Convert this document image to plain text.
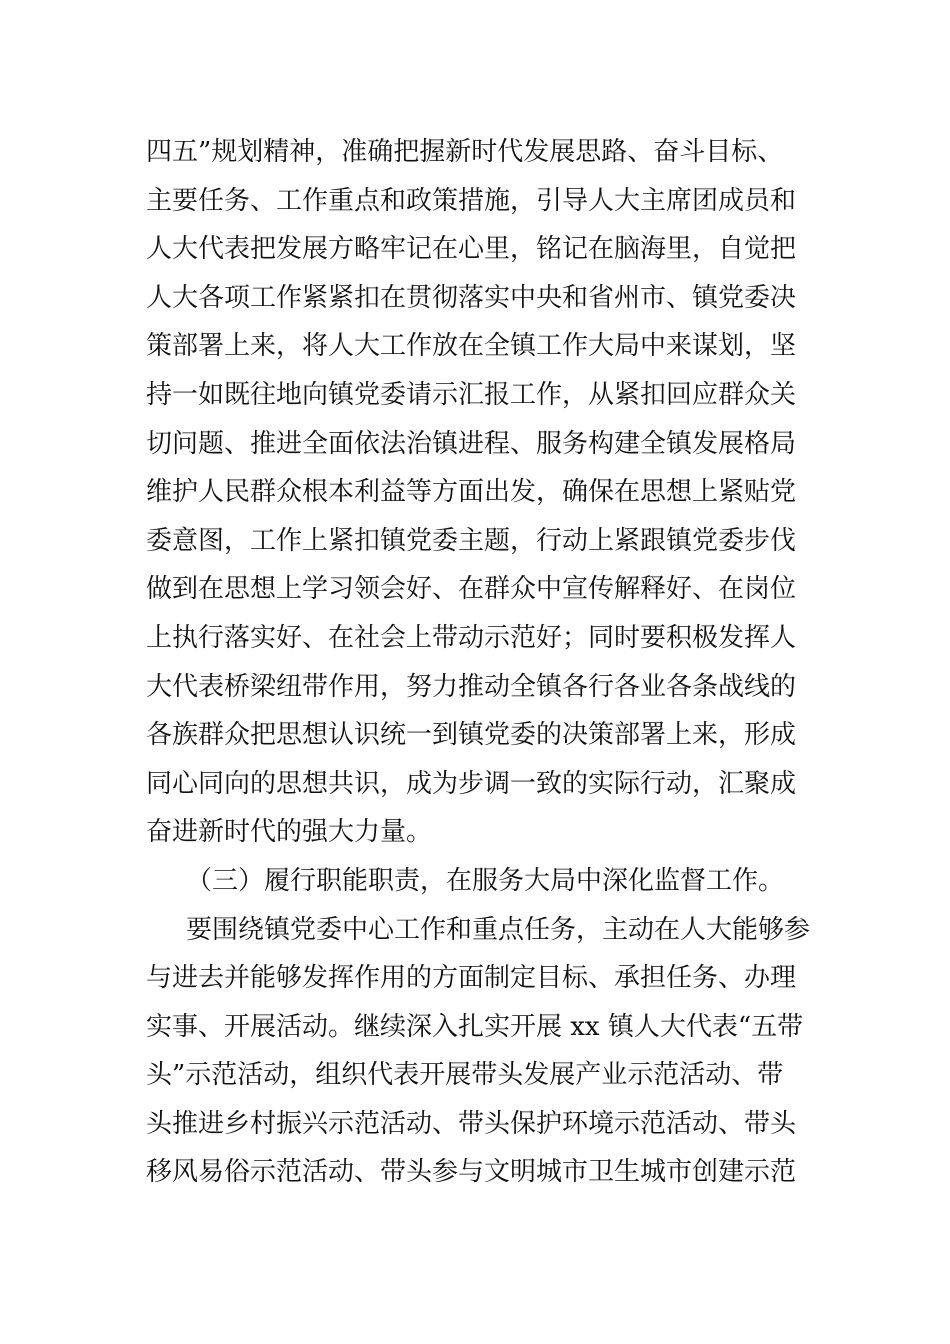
四五”规划精神，准确把握新时代发展思路、奋斗目标、
主要任务、工作重点和政策措施，引导人大主席团成员和
人大代表把发展方略牢记在心里，铭记在脑海里，自觉把
人大各项工作紧紧扣在贯彻落实中央和省州市、镇党委决
策部署上来，将人大工作放在全镇工作大局中来谋划，坚
持一如既往地向镇党委请示汇报工作，从紧扣回应群众关
切问题、推进全面依法治镇进程、服务构建全镇发展格局
维护人民群众根本利益等方面出发，确保在思想上紧贴党
委意图，工作上紧扣镇党委主题，行动上紧跟镇党委步伐
做到在思想上学习领会好、在群众中宣传解释好、在岗位
上执行落实好、在社会上带动示范好；同时要积极发挥人
大代表桥梁纽带作用，努力推动全镇各行各业各条战线的
各族群众把思想认识统一到镇党委的决策部署上来，形成
同心同向的思想共识，成为步调一致的实际行动，汇聚成
奋进新时代的强大力量。
（三）履行职能职责，在服务大局中深化监督工作。
要围绕镇党委中心工作和重点任务，主动在人大能够参
与进去并能够发挥作用的方面制定目标、承担任务、办理
实事、开展活动。继续深入扎实开展 xx 镇人大代表“五带
头”示范活动，组织代表开展带头发展产业示范活动、带
头推进乡村振兴示范活动、带头保护环境示范活动、带头
移风易俗示范活动、带头参与文明城市卫生城市创建示范
